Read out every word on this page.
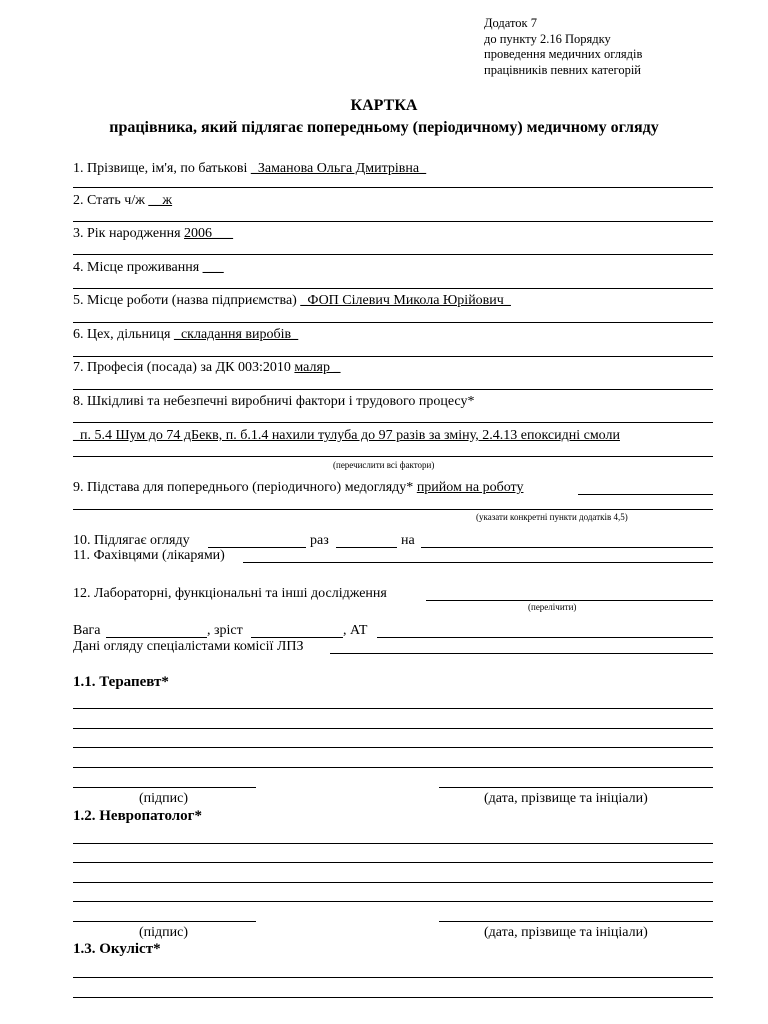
Додаток 7
до пункту 2.16 Порядку
проведення медичних оглядів
працівників певних категорій
КАРТКА
працівника, який підлягає попередньому (періодичному) медичному огляду
1. Прізвище, ім'я, по батькові _Заманова Ольга Дмитрівна_
2. Стать ч/ж __ж
3. Рік народження 2006___
4. Місце проживання ___
5. Місце роботи (назва підприємства) _ФОП Сілевич Микола Юрійович_
6. Цех, дільниця _складання виробів_
7. Професія (посада) за ДК 003:2010 маляр _
8. Шкідливі та небезпечні виробничі фактори і трудового процесу*
_п. 5.4 Шум до 74 дБекв, п. б.1.4 нахили тулуба до 97 разів за зміну, 2.4.13 епоксидні смоли
(перечислити всі фактори)
9. Підстава для попереднього (періодичного) медогляду* прийом на роботу
(указати конкретні пункти додатків 4,5)
10. Підлягає огляду	раз	на
11. Фахівцями (лікарями)
12. Лабораторні, функціональні та інші дослідження
(перелічити)
Вага	, зріст	, АТ
Дані огляду спеціалістами комісії ЛПЗ
1.1. Терапевт*
(підпис)	(дата, прізвище та ініціали)
1.2. Невропатолог*
(підпис)	(дата, прізвище та ініціали)
1.3. Окуліст*
